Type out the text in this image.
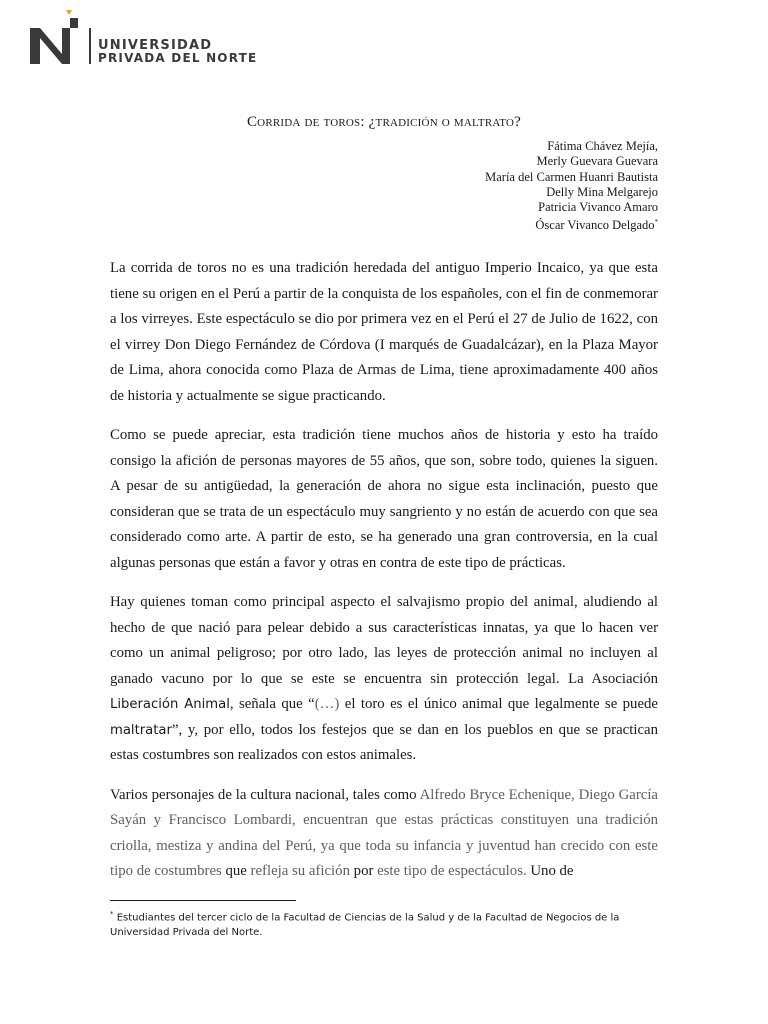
UNIVERSIDAD
PRIVADA DEL NORTE
Corrida de toros: ¿tradición o maltrato?
Fátima Chávez Mejía,
Merly Guevara Guevara
María del Carmen Huanri Bautista
Delly Mina Melgarejo
Patricia Vivanco Amaro
Óscar Vivanco Delgado*

La corrida de toros no es una tradición heredada del antiguo Imperio Incaico, ya que esta tiene su origen en el Perú a partir de la conquista de los españoles, con el fin de conmemorar a los virreyes. Este espectáculo se dio por primera vez en el Perú el 27 de Julio de 1622, con el virrey Don Diego Fernández de Córdova (I marqués de Guadalcázar), en la Plaza Mayor de Lima, ahora conocida como Plaza de Armas de Lima, tiene aproximadamente 400 años de historia y actualmente se sigue practicando.

Como se puede apreciar, esta tradición tiene muchos años de historia y esto ha traído consigo la afición de personas mayores de 55 años, que son, sobre todo, quienes la siguen. A pesar de su antigüedad, la generación de ahora no sigue esta inclinación, puesto que consideran que se trata de un espectáculo muy sangriento y no están de acuerdo con que sea considerado como arte. A partir de esto, se ha generado una gran controversia, en la cual algunas personas que están a favor y otras en contra de este tipo de prácticas.

Hay quienes toman como principal aspecto el salvajismo propio del animal, aludiendo al hecho de que nació para pelear debido a sus características innatas, ya que lo hacen ver como un animal peligroso; por otro lado, las leyes de protección animal no incluyen al ganado vacuno por lo que se este se encuentra sin protección legal. La Asociación Liberación Animal, señala que “(…) el toro es el único animal que legalmente se puede maltratar”, y, por ello, todos los festejos que se dan en los pueblos en que se practican estas costumbres son realizados con estos animales.

Varios personajes de la cultura nacional, tales como Alfredo Bryce Echenique, Diego García Sayán y Francisco Lombardi, encuentran que estas prácticas constituyen una tradición criolla, mestiza y andina del Perú, ya que toda su infancia y juventud han crecido con este tipo de costumbres que refleja su afición por este tipo de espectáculos. Uno de

* Estudiantes del tercer ciclo de la Facultad de Ciencias de la Salud y de la Facultad de Negocios de la Universidad Privada del Norte.
